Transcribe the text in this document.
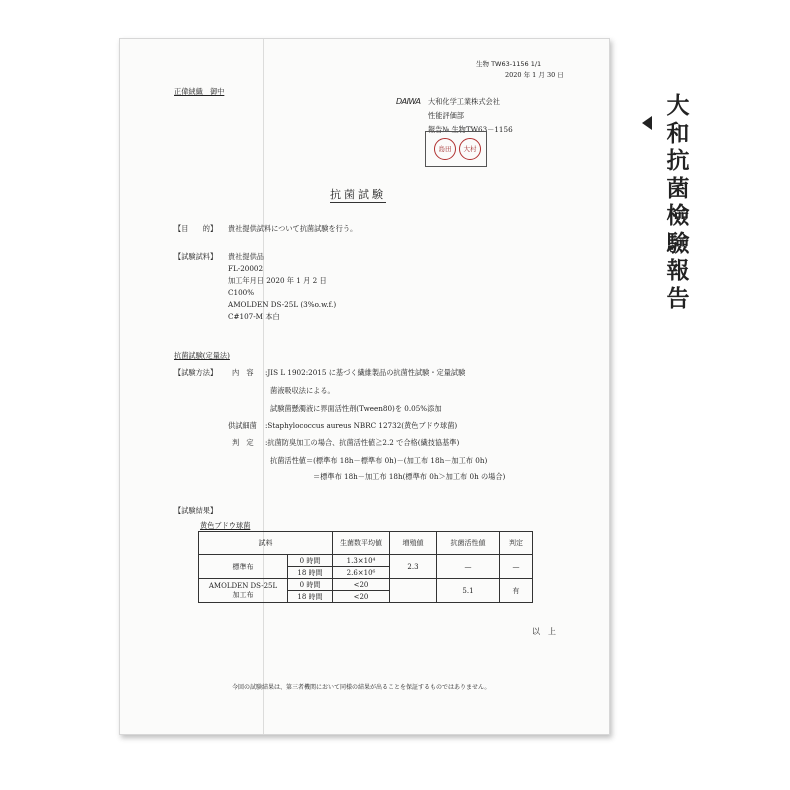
生物 TW63-1156 1/1
2020 年 1 月 30 日
正偉絨織　御中
DAIWA 大和化学工業株式会社
性能評価部
報告№ 生物TW63－1156
島田 大村
抗菌試験
【目　　的】 貴社提供試料について抗菌試験を行う。
【試験試料】 貴社提供品
FL-20002
加工年月日 2020 年 1 月 2 日
C100%
AMOLDEN DS-25L (3%o.w.f.)
C#107-M 本白
抗菌試験(定量法)
【試験方法】 内　容 :JIS L 1902:2015 に基づく繊維製品の抗菌性試験・定量試験
菌液吸収法による。
試験菌懸濁液に界面活性剤(Tween80)を 0.05%添加
供試細菌 :Staphylococcus aureus NBRC 12732(黄色ブドウ球菌)
判　定 :抗菌防臭加工の場合、抗菌活性値≧2.2 で合格(繊技協基準)
抗菌活性値＝(標準布 18h－標準布 0h)－(加工布 18h－加工布 0h)
＝標準布 18h－加工布 18h(標準布 0h＞加工布 0h の場合)
【試験結果】
黄色ブドウ球菌
試料		生菌数平均値	増殖値	抗菌活性値	判定
標準布	0 時間	1.3×10⁴	2.3	—	—
	18 時間	2.6×10⁶			

AMOLDEN DS-25L
加工布	0 時間	<20		5.1	有
	18 時間	<20			
以　上
今回の試験結果は、第三者機関において同様の結果が出ることを保証するものではありません。
大
和
抗
菌
檢
驗
報
告
